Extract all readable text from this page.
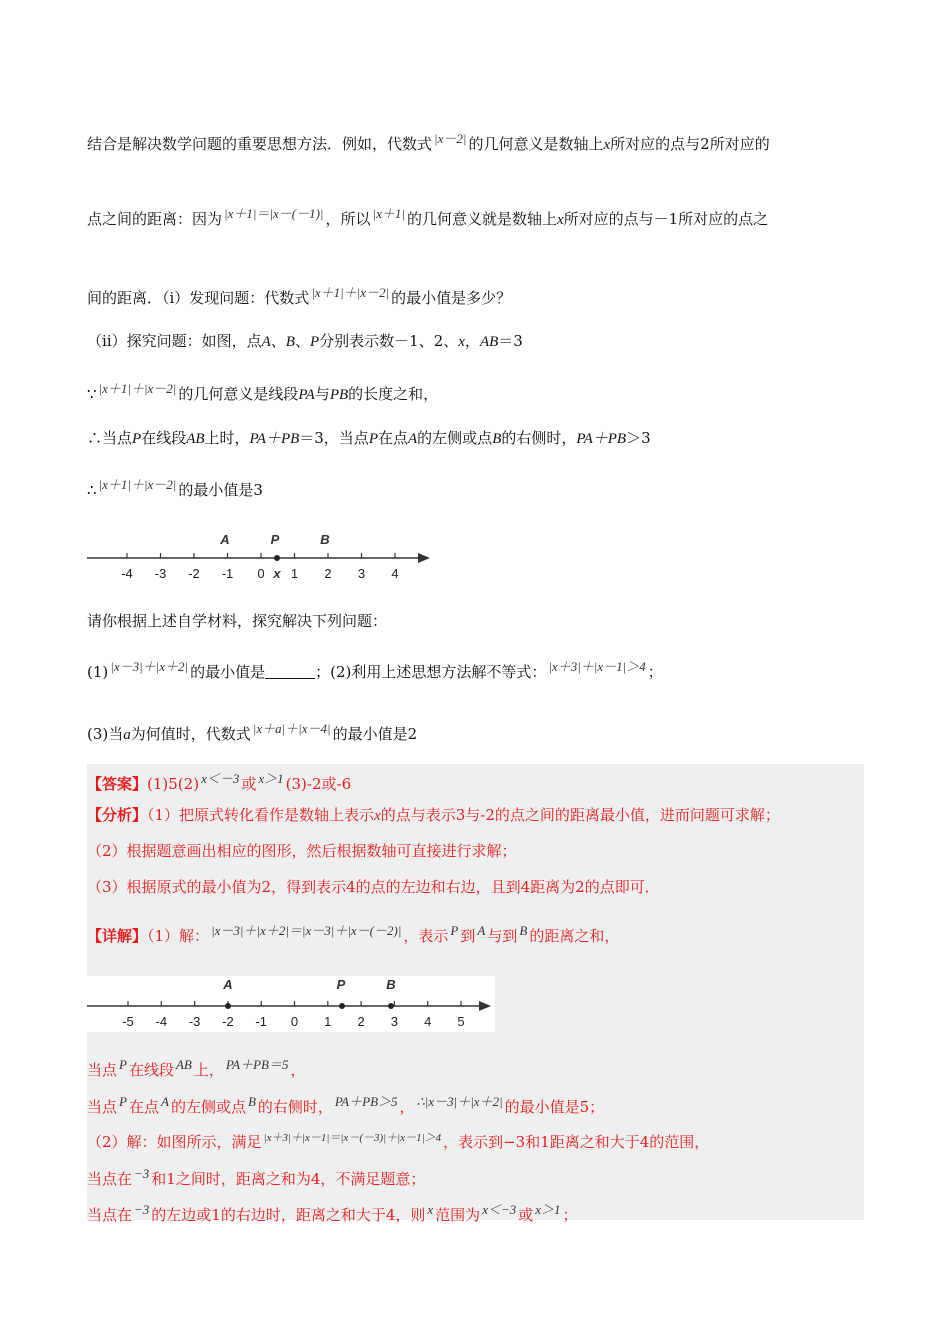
结合是解决数学问题的重要思想方法．例如，代数式 |x－2| 的几何意义是数轴上x所对应的点与2所对应的
点之间的距离：因为 |x＋1|＝|x－(－1)| ，所以 |x＋1| 的几何意义就是数轴上x所对应的点与－1所对应的点之
间的距离．（ⅰ）发现问题：代数式 |x＋1|＋|x－2| 的最小值是多少？
（ⅱ）探究问题：如图，点A、B、P分别表示数－1、2、x，AB＝3
∵ |x＋1|＋|x－2| 的几何意义是线段PA与PB的长度之和，
∴当点P在线段AB上时，PA＋PB＝3，当点P在点A的左侧或点B的右侧时，PA＋PB＞3
∴ |x＋1|＋|x－2| 的最小值是3
-4 -3 -2 -1 0 1 2 3 4
A	P	B
x
请你根据上述自学材料，探究解决下列问题：
(1) |x－3|＋|x＋2| 的最小值是	；(2)利用上述思想方法解不等式： |x＋3|＋|x－1|＞4 ；
(3)当a为何值时，代数式 |x＋a|＋|x－4| 的最小值是2
【答案】(1)5(2) x＜－3 或 x＞1 (3)-2或-6
【分析】（1）把原式转化看作是数轴上表示x的点与表示3与-2的点之间的距离最小值，进而问题可求解；
（2）根据题意画出相应的图形，然后根据数轴可直接进行求解；
（3）根据原式的最小值为2，得到表示4的点的左边和右边，且到4距离为2的点即可．
【详解】（1）解： |x－3|＋|x＋2|＝|x－3|＋|x－(－2)| ，表示 P 到 A 与到 B 的距离之和，
-5 -4 -3 -2 -1 0 1 2 3 4 5
A	P	B
当点 P 在线段 AB 上， PA＋PB＝5 ，
当点 P 在点 A 的左侧或点 B 的右侧时， PA＋PB＞5 ， ∴|x－3|＋|x＋2| 的最小值是5；
（2）解：如图所示，满足 |x＋3|＋|x－1|＝|x－(－3)|＋|x－1|＞4 ，表示到−3和1距离之和大于4的范围，
当点在 −3 和1之间时，距离之和为4，不满足题意；
当点在 −3 的左边或1的右边时，距离之和大于4，则 x 范围为 x＜−3 或 x＞1 ；
